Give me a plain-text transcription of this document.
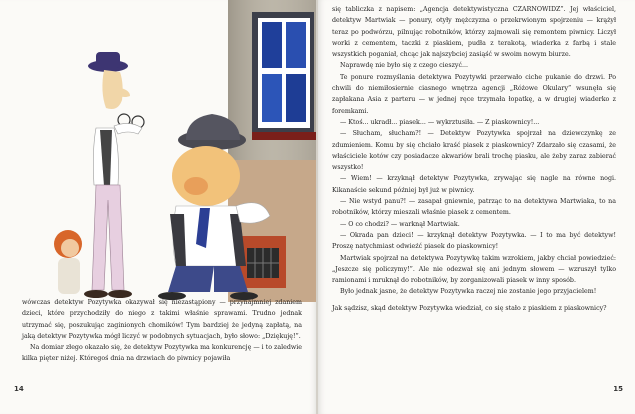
wówczas detektyw Pozytywka okazywał się niezastąpiony — przynajmniej zdaniem dzieci, które przychodziły do niego z takimi właśnie sprawami. Trudno jednak utrzymać się, poszukując zaginionych chomików! Tym bardziej że jedyną zapłatą, na jaką detektyw Pozytywka mógł liczyć w podobnych sytuacjach, było słowo: „Dziękuję!”.

Na domiar złego okazało się, że detektyw Pozytywka ma konkurencję — i to zaledwie kilka pięter niżej. Któregoś dnia na drzwiach do piwnicy pojawiła

14

się tabliczka z napisem: „Agencja detektywistyczna CZARNOWIDZ”. Jej właściciel, detektyw Martwiak — ponury, otyły mężczyzna o przekrwionym spojrzeniu — krążył teraz po podwórzu, pilnując robotników, którzy zajmowali się remontem piwnicy. Liczył worki z cementem, taczki z piaskiem, pudła z terakotą, wiaderka z farbą i stale wszystkich poganiał, chcąc jak najszybciej zasiąść w swoim nowym biurze.

Naprawdę nie było się z czego cieszyć...

Te ponure rozmyślania detektywa Pozytywki przerwało ciche pukanie do drzwi. Po chwili do niemiłosiernie ciasnego wnętrza agencji „Różowe Okulary” wsunęła się zapłakana Asia z parteru — w jednej ręce trzymała łopatkę, a w drugiej wiaderko z foremkami.

— Ktoś... ukradł... piasek... — wykrztusiła. — Z piaskownicy!...

— Słucham, słucham?! — Detektyw Pozytywka spojrzał na dziewczynkę ze zdumieniem. Komu by się chciało kraść piasek z piaskownicy? Zdarzało się czasami, że właściciele kotów czy posiadacze akwariów brali trochę piasku, ale żeby zaraz zabierać wszystko!

— Wiem! — krzyknął detektyw Pozytywka, zrywając się nagle na równe nogi. Kikanaście sekund później był już w piwnicy.

— Nie wstyd panu?! — zasapał gniewnie, patrząc to na detektywa Martwiaka, to na robotników, którzy mieszali właśnie piasek z cementem.

— O co chodzi? — warknął Martwiak.

— Okrada pan dzieci! — krzyknął detektyw Pozytywka. — I to ma być detektyw! Proszę natychmiast odwieźć piasek do piaskownicy!

Martwiak spojrzał na detektywa Pozytywkę takim wzrokiem, jakby chciał powiedzieć: „Jeszcze się policzymy!”. Ale nie odezwał się ani jednym słowem — wzruszył tylko ramionami i mruknął do robotników, by zorganizowali piasek w inny sposób.

Było jednak jasne, że detektyw Pozytywka raczej nie zostanie jego przyjacielem!

Jak sądzisz, skąd detektyw Pozytywka wiedział, co się stało z piaskiem z piaskownicy?

15
